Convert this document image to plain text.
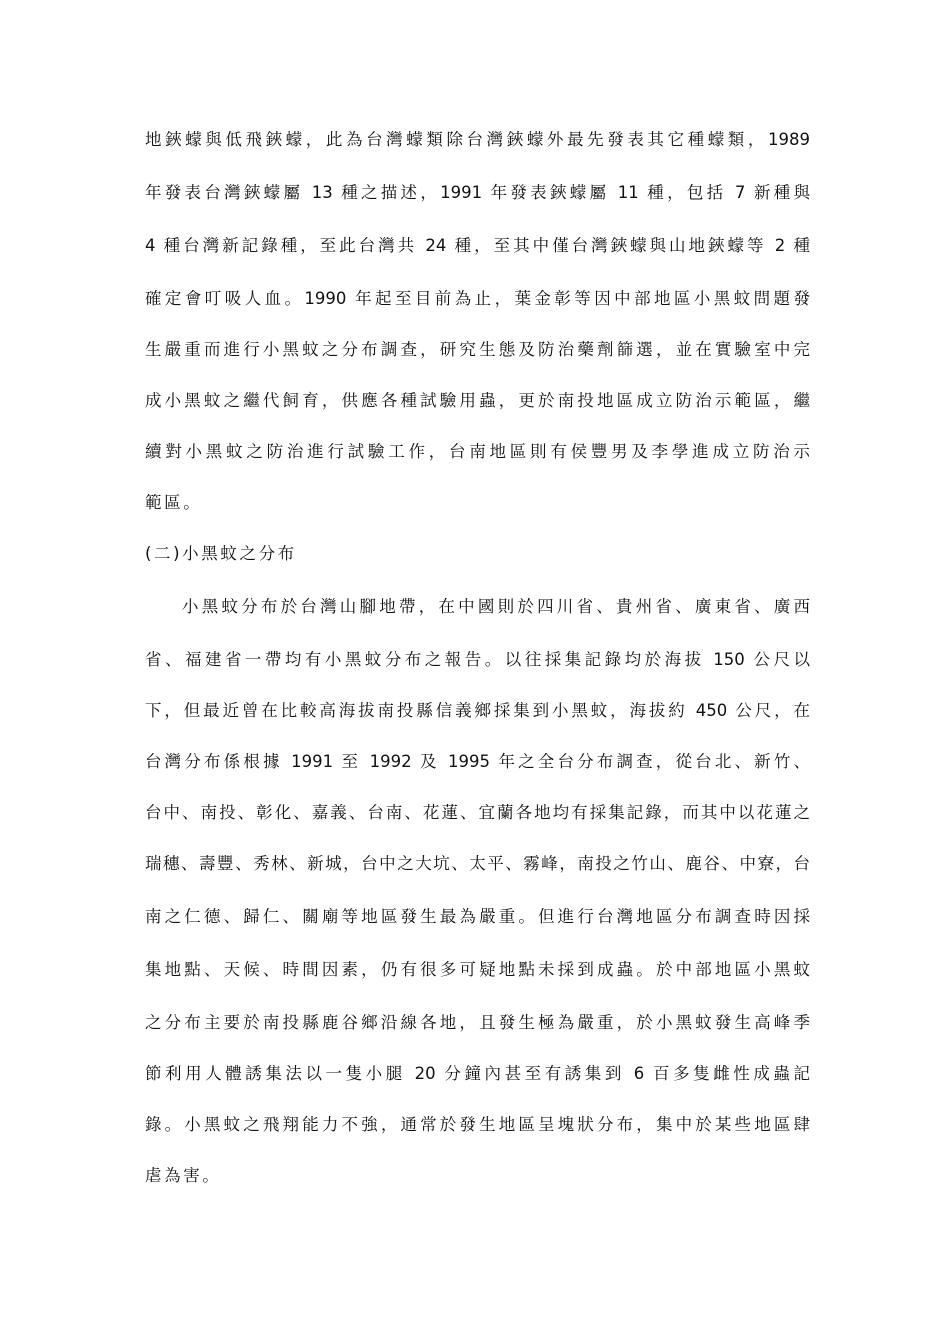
地鋏蠓與低飛鋏蠓，此為台灣蠓類除台灣鋏蠓外最先發表其它種蠓類，1989
年發表台灣鋏蠓屬 13 種之描述，1991 年發表鋏蠓屬 11 種，包括 7 新種與
4 種台灣新記錄種，至此台灣共 24 種，至其中僅台灣鋏蠓與山地鋏蠓等 2 種
確定會叮吸人血。1990 年起至目前為止，葉金彰等因中部地區小黑蚊問題發
生嚴重而進行小黑蚊之分布調查，研究生態及防治藥劑篩選，並在實驗室中完
成小黑蚊之繼代飼育，供應各種試驗用蟲，更於南投地區成立防治示範區，繼
續對小黑蚊之防治進行試驗工作，台南地區則有侯豐男及李學進成立防治示
範區。
(二)小黑蚊之分布
小黑蚊分布於台灣山腳地帶，在中國則於四川省、貴州省、廣東省、廣西
省、福建省一帶均有小黑蚊分布之報告。以往採集記錄均於海拔 150 公尺以
下，但最近曾在比較高海拔南投縣信義鄉採集到小黑蚊，海拔約 450 公尺，在
台灣分布係根據 1991 至 1992 及 1995 年之全台分布調查，從台北、新竹、
台中、南投、彰化、嘉義、台南、花蓮、宜蘭各地均有採集記錄，而其中以花蓮之
瑞穗、壽豐、秀林、新城，台中之大坑、太平、霧峰，南投之竹山、鹿谷、中寮，台
南之仁德、歸仁、關廟等地區發生最為嚴重。但進行台灣地區分布調查時因採
集地點、天候、時間因素，仍有很多可疑地點未採到成蟲。於中部地區小黑蚊
之分布主要於南投縣鹿谷鄉沿線各地，且發生極為嚴重，於小黑蚊發生高峰季
節利用人體誘集法以一隻小腿 20 分鐘內甚至有誘集到 6 百多隻雌性成蟲記
錄。小黑蚊之飛翔能力不強，通常於發生地區呈塊狀分布，集中於某些地區肆
虐為害。
